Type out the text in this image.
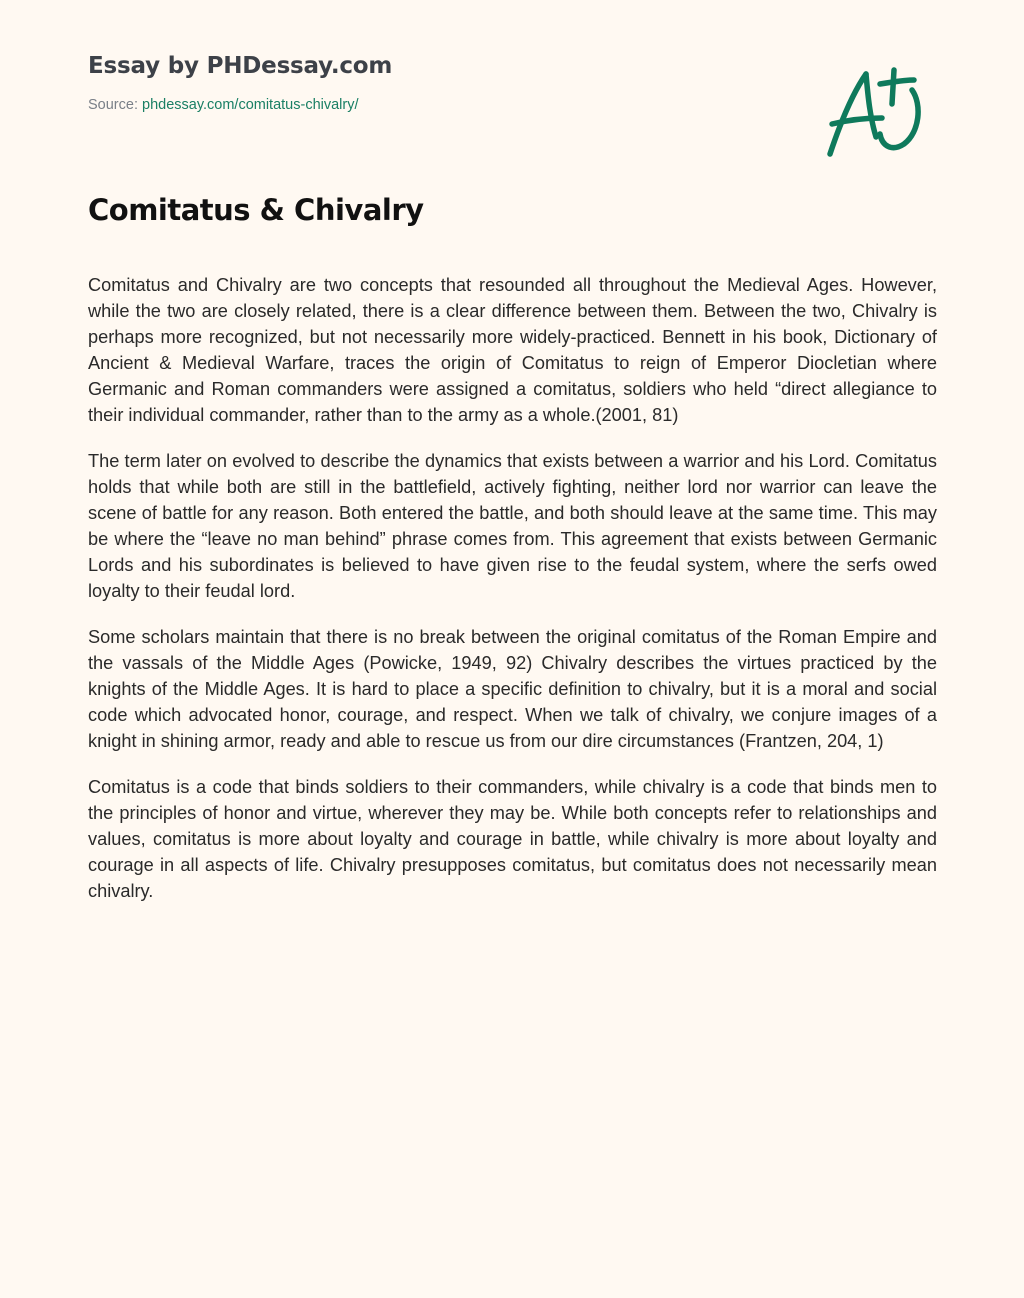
Essay by PHDessay.com
Source: phdessay.com/comitatus-chivalry/
Comitatus & Chivalry

Comitatus and Chivalry are two concepts that resounded all throughout the Medieval Ages. However, while the two are closely related, there is a clear difference between them. Between the two, Chivalry is perhaps more recognized, but not necessarily more widely-practiced. Bennett in his book, Dictionary of Ancient & Medieval Warfare, traces the origin of Comitatus to reign of Emperor Diocletian where Germanic and Roman commanders were assigned a comitatus, soldiers who held “direct allegiance to their individual commander, rather than to the army as a whole.(2001, 81)

The term later on evolved to describe the dynamics that exists between a warrior and his Lord. Comitatus holds that while both are still in the battlefield, actively fighting, neither lord nor warrior can leave the scene of battle for any reason. Both entered the battle, and both should leave at the same time. This may be where the “leave no man behind” phrase comes from. This agreement that exists between Germanic Lords and his subordinates is believed to have given rise to the feudal system, where the serfs owed loyalty to their feudal lord.

Some scholars maintain that there is no break between the original comitatus of the Roman Empire and the vassals of the Middle Ages (Powicke, 1949, 92) Chivalry describes the virtues practiced by the knights of the Middle Ages. It is hard to place a specific definition to chivalry, but it is a moral and social code which advocated honor, courage, and respect. When we talk of chivalry, we conjure images of a knight in shining armor, ready and able to rescue us from our dire circumstances (Frantzen, 204, 1)

Comitatus is a code that binds soldiers to their commanders, while chivalry is a code that binds men to the principles of honor and virtue, wherever they may be. While both concepts refer to relationships and values, comitatus is more about loyalty and courage in battle, while chivalry is more about loyalty and courage in all aspects of life. Chivalry presupposes comitatus, but comitatus does not necessarily mean chivalry.
